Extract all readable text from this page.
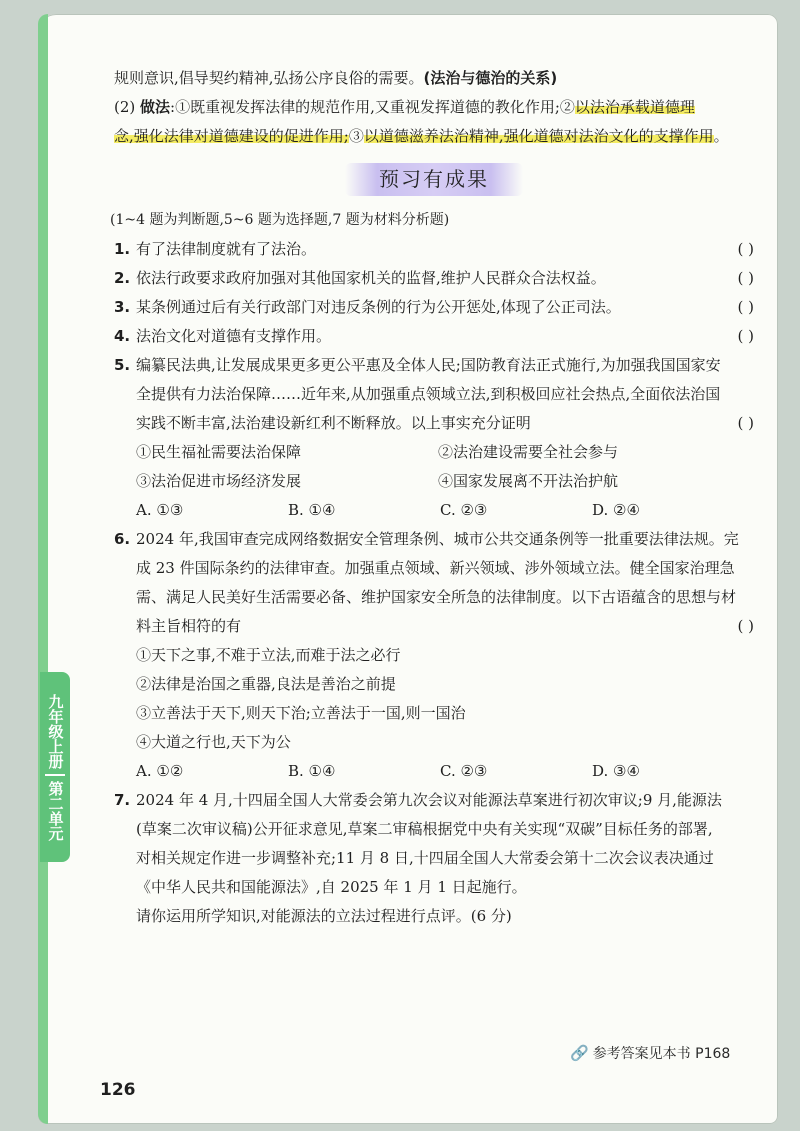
规则意识,倡导契约精神,弘扬公序良俗的需要。(法治与德治的关系)
(2) 做法:①既重视发挥法律的规范作用,又重视发挥道德的教化作用;②以法治承载道德理
念,强化法律对道德建设的促进作用;③以道德滋养法治精神,强化道德对法治文化的支撑作用。
预习有成果
(1~4 题为判断题,5~6 题为选择题,7 题为材料分析题)
1. 有了法律制度就有了法治。	( )
2. 依法行政要求政府加强对其他国家机关的监督,维护人民群众合法权益。	( )
3. 某条例通过后有关行政部门对违反条例的行为公开惩处,体现了公正司法。	( )
4. 法治文化对道德有支撑作用。	( )
5. 编纂民法典,让发展成果更多更公平惠及全体人民;国防教育法正式施行,为加强我国国家安
全提供有力法治保障……近年来,从加强重点领域立法,到积极回应社会热点,全面依法治国
实践不断丰富,法治建设新红利不断释放。以上事实充分证明	( )
①民生福祉需要法治保障	②法治建设需要全社会参与
③法治促进市场经济发展	④国家发展离不开法治护航
A. ①③	B. ①④	C. ②③	D. ②④
6. 2024 年,我国审查完成网络数据安全管理条例、城市公共交通条例等一批重要法律法规。完
成 23 件国际条约的法律审查。加强重点领域、新兴领域、涉外领域立法。健全国家治理急
需、满足人民美好生活需要必备、维护国家安全所急的法律制度。以下古语蕴含的思想与材
料主旨相符的有	( )
①天下之事,不难于立法,而难于法之必行
②法律是治国之重器,良法是善治之前提
③立善法于天下,则天下治;立善法于一国,则一国治
④大道之行也,天下为公
A. ①②	B. ①④	C. ②③	D. ③④
7. 2024 年 4 月,十四届全国人大常委会第九次会议对能源法草案进行初次审议;9 月,能源法
(草案二次审议稿)公开征求意见,草案二审稿根据党中央有关实现“双碳”目标任务的部署,
对相关规定作进一步调整补充;11 月 8 日,十四届全国人大常委会第十二次会议表决通过
《中华人民共和国能源法》,自 2025 年 1 月 1 日起施行。
请你运用所学知识,对能源法的立法过程进行点评。(6 分)
九年级上册
第二单元
🔗 参考答案见本书 P168
126
